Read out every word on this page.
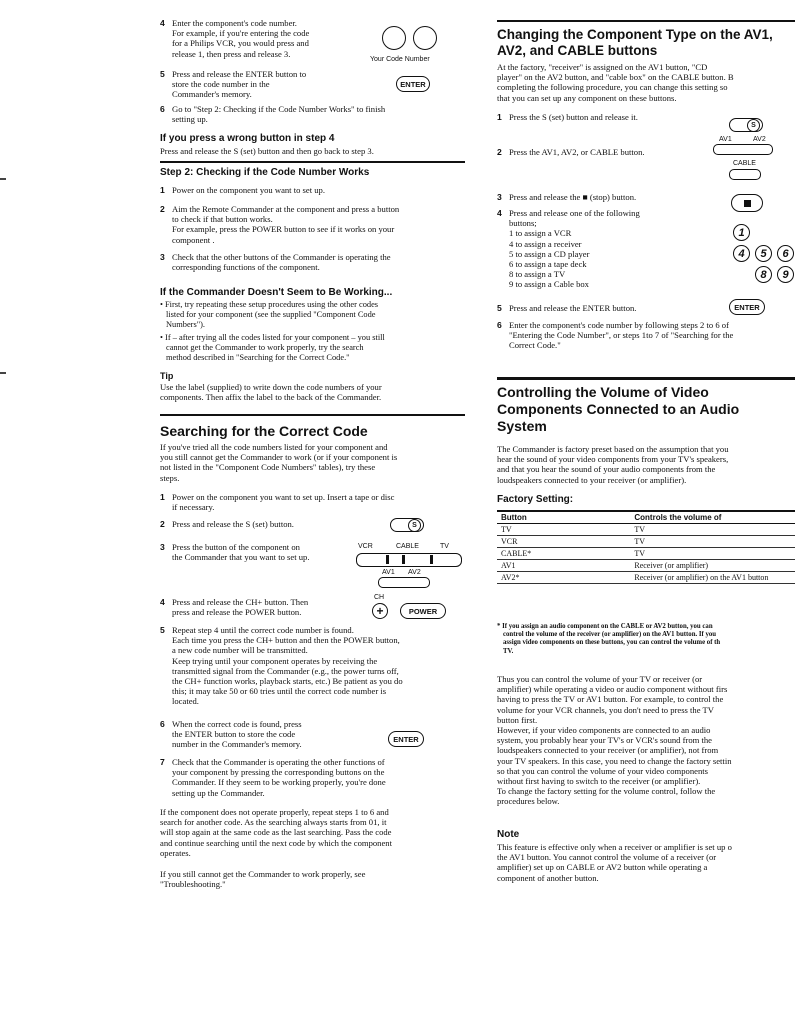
4 Enter the component's code number.
For example, if you're entering the code
for a Philips VCR, you would press and
release 1, then press and release 3.
Your Code Number
5 Press and release the ENTER button to
store the code number in the
Commander's memory.
ENTER
6 Go to "Step 2: Checking if the Code Number Works" to finish
setting up.
If you press a wrong button in step 4
Press and release the S (set) button and then go back to step 3.
Step 2: Checking if the Code Number Works
1 Power on the component you want to set up.
2 Aim the Remote Commander at the component and press a button
to check if that button works.
For example, press the POWER button to see if it works on your
component .
3 Check that the other buttons of the Commander is operating the
corresponding functions of the component.
If the Commander Doesn't Seem to Be Working...
• First, try repeating these setup procedures using the other codes
listed for your component (see the supplied "Component Code
Numbers").
• If – after trying all the codes listed for your component – you still
cannot get the Commander to work properly, try the search
method described in "Searching for the Correct Code."
Tip
Use the label (supplied) to write down the code numbers of your
components. Then affix the label to the back of the Commander.
Searching for the Correct Code
If you've tried all the code numbers listed for your component and
you still cannot get the Commander to work (or if your component is
not listed in the "Component Code Numbers" tables), try these
steps.
1 Power on the component you want to set up. Insert a tape or disc
if necessary.
2 Press and release the S (set) button.	S
3 Press the button of the component on
the Commander that you want to set up.
VCR	CABLE	TV
AV1 AV2
4 Press and release the CH+ button. Then
press and release the POWER button.
CH
+	POWER
5 Repeat step 4 until the correct code number is found.
Each time you press the CH+ button and then the POWER button,
a new code number will be transmitted.
Keep trying until your component operates by receiving the
transmitted signal from the Commander (e.g., the power turns off,
the CH+ function works, playback starts, etc.) Be patient as you do
this; it may take 50 or 60 tries until the correct code number is
located.
6 When the correct code is found, press
the ENTER button to store the code
number in the Commander's memory.
ENTER
7 Check that the Commander is operating the other functions of
your component by pressing the corresponding buttons on the
Commander. If they seem to be working properly, you're done
setting up the Commander.
If the component does not operate properly, repeat steps 1 to 6 and
search for another code. As the searching always starts from 01, it
will stop again at the same code as the last searching. Pass the code
and continue searching until the next code by which the component
operates.
If you still cannot get the Commander to work properly, see
"Troubleshooting."
Changing the Component Type on the AV1,
AV2, and CABLE buttons
At the factory, "receiver" is assigned on the AV1 button, "CD
player" on the AV2 button, and "cable box" on the CABLE button. B
completing the following procedure, you can change this setting so
that you can set up any component on these buttons.
1 Press the S (set) button and release it.
S
2 Press the AV1, AV2, or CABLE button.
AV1	AV2
CABLE
3 Press and release the ■ (stop) button.
4 Press and release one of the following
buttons;
1 to assign a VCR
4 to assign a receiver
5 to assign a CD player
6 to assign a tape deck
8 to assign a TV
9 to assign a Cable box
1
4	5	6
8	9
5 Press and release the ENTER button.	ENTER
6 Enter the component's code number by following steps 2 to 6 of
"Entering the Code Number", or steps 1to 7 of "Searching for the
Correct Code."
Controlling the Volume of Video
Components Connected to an Audio
System
The Commander is factory preset based on the assumption that you
hear the sound of your video components from your TV's speakers,
and that you hear the sound of your audio components from the
loudspeakers connected to your receiver (or amplifier).
Factory Setting:
Button	Controls the volume of
TV	TV
VCR	TV
CABLE*	TV
AV1	Receiver (or amplifier)
AV2*	Receiver (or amplifier) on the AV1 button
* If you assign an audio component on the CABLE or AV2 button, you can
control the volume of the receiver (or amplifier) on the AV1 button. If you
assign video components on these buttons, you can control the volume of th
TV.
Thus you can control the volume of your TV or receiver (or
amplifier) while operating a video or audio component without firs
having to press the TV or AV1 button. For example, to control the
volume for your VCR channels, you don't need to press the TV
button first.
However, if your video components are connected to an audio
system, you probably hear your TV's or VCR's sound from the
loudspeakers connected to your receiver (or amplifier), not from
your TV speakers. In this case, you need to change the factory settin
so that you can control the volume of your video components
without first having to switch to the receiver (or amplifier).
To change the factory setting for the volume control, follow the
procedures below.
Note
This feature is effective only when a receiver or amplifier is set up o
the AV1 button. You cannot control the volume of a receiver (or
amplifier) set up on CABLE or AV2 button while operating a
component of another button.
